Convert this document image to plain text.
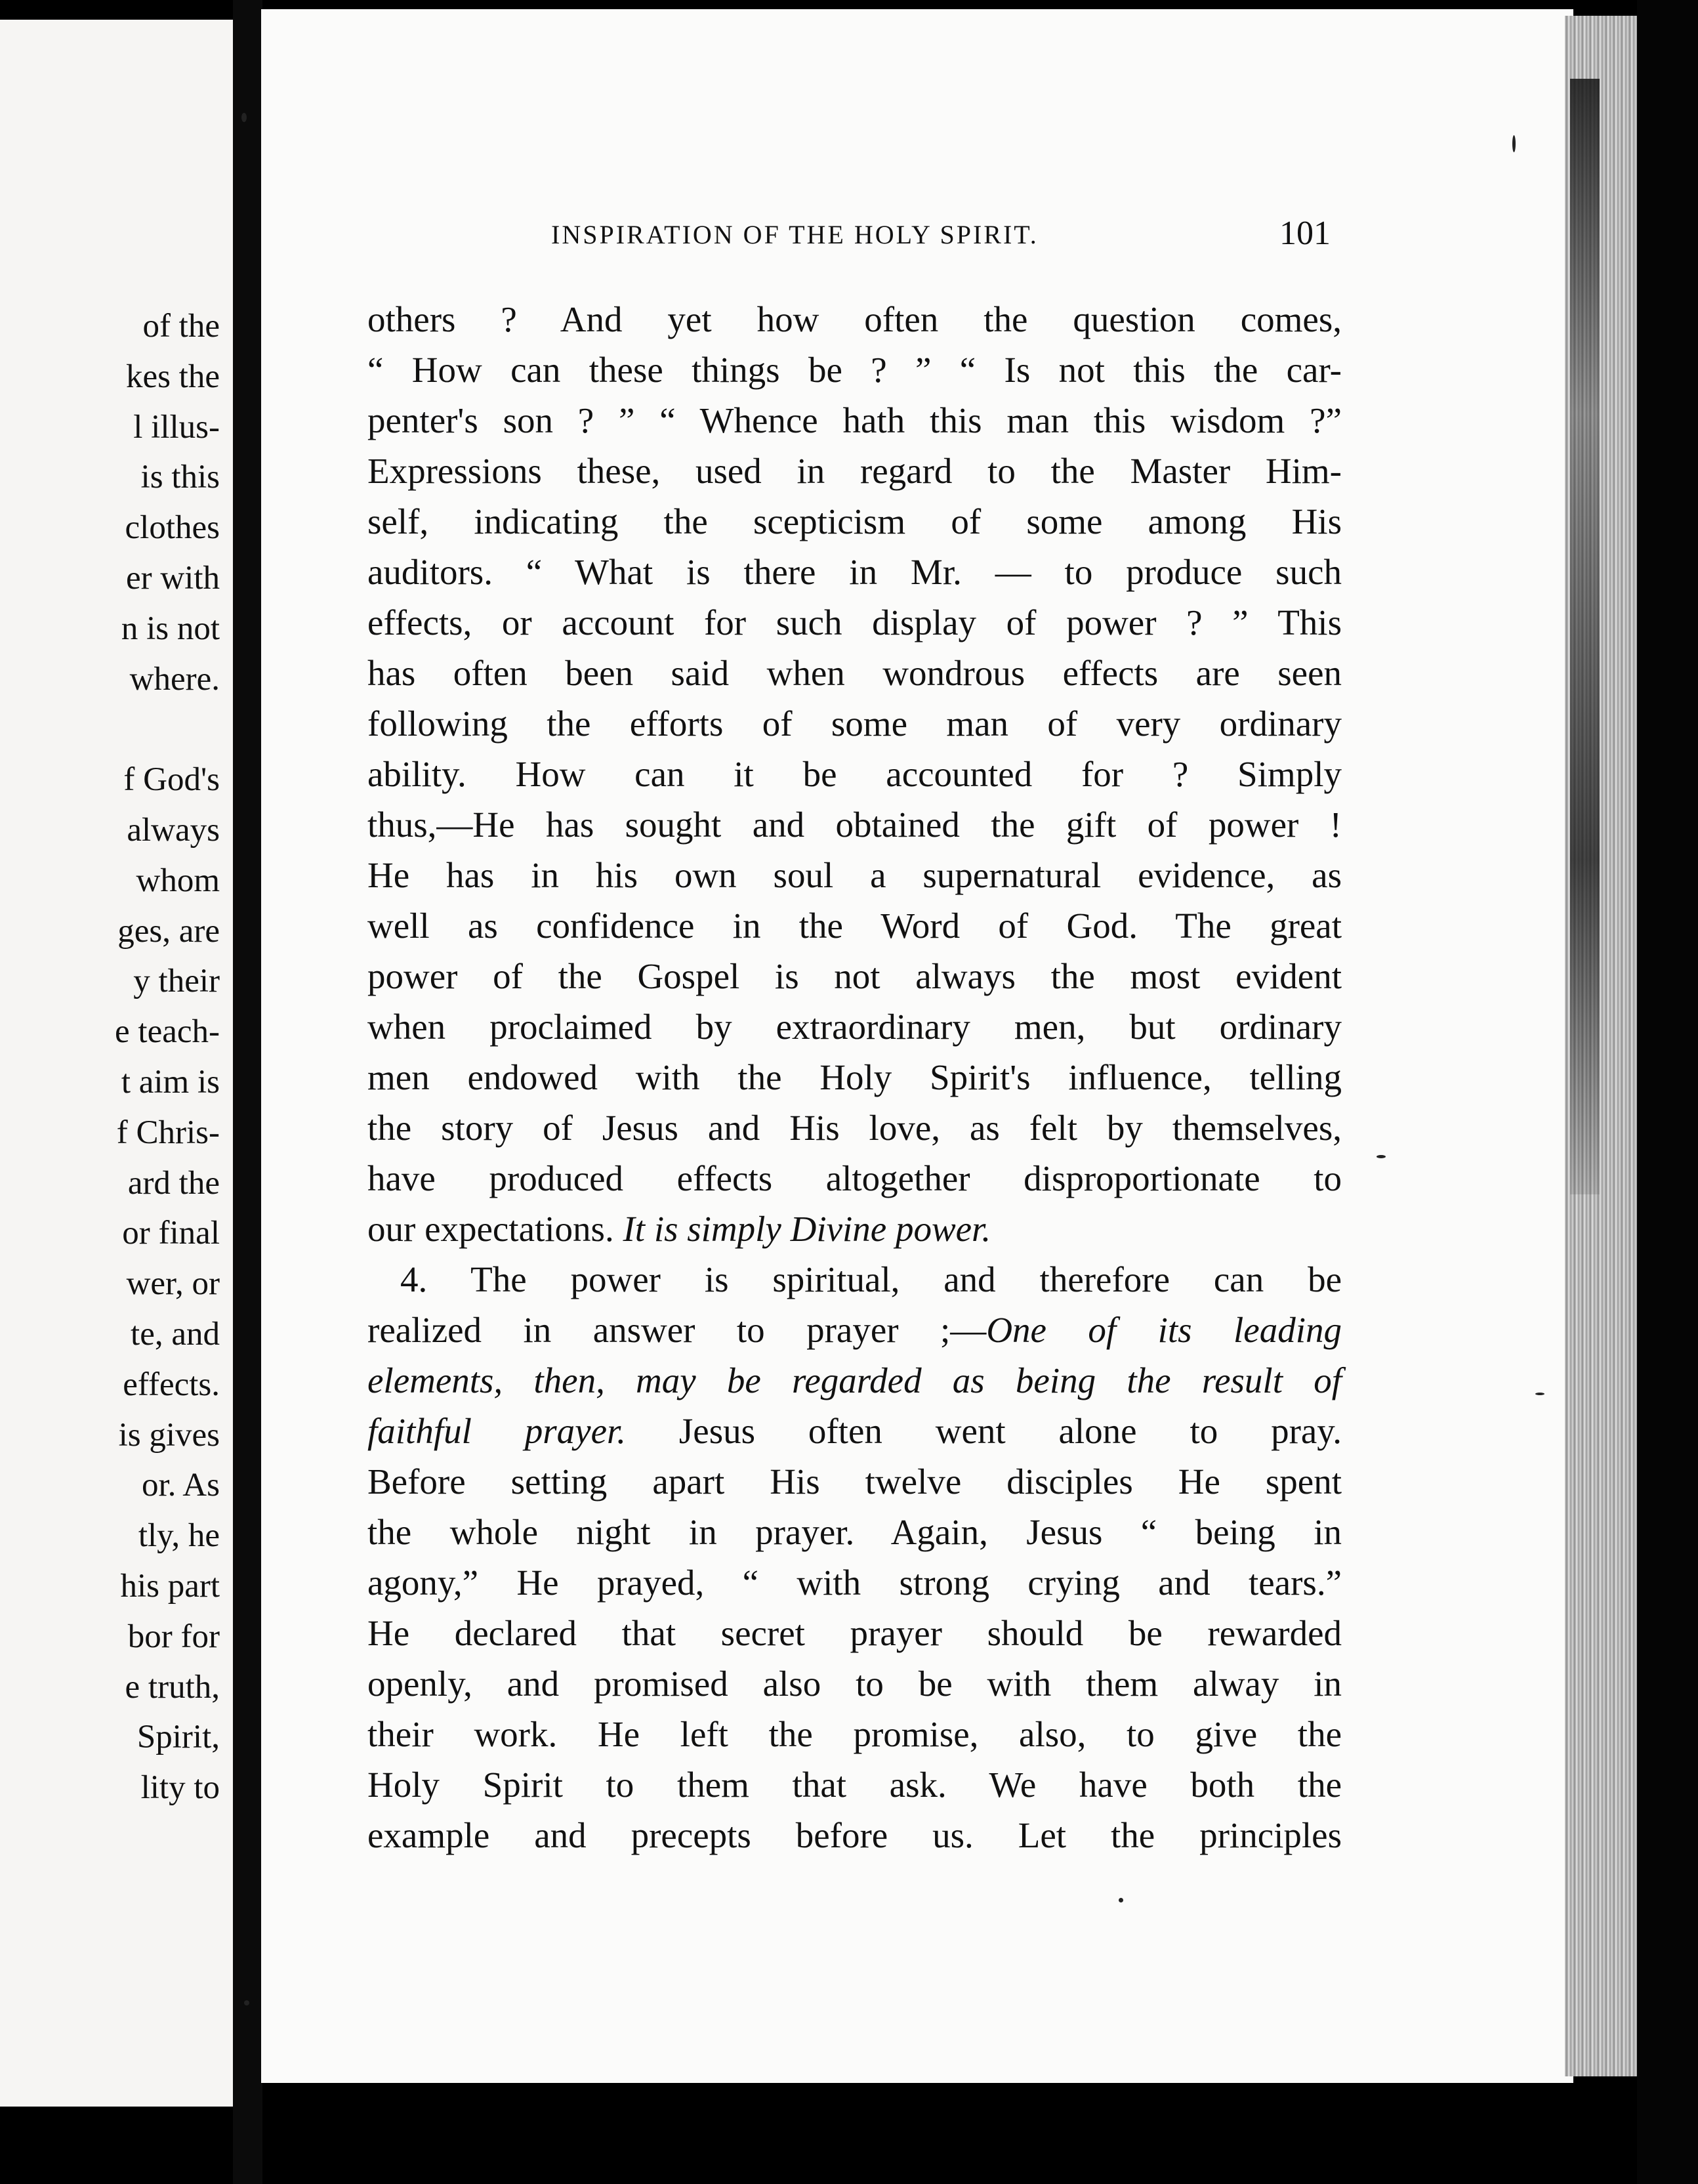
of the
kes the
l illus-
is this
clothes
er with
n is not
where.
f God's
always
whom
ges, are
y their
e teach-
t aim is
f Chris-
ard the
or final
wer, or
te, and
effects.
is gives
or. As
tly, he
his part
bor for
e truth,
Spirit,
lity to
INSPIRATION OF THE HOLY SPIRIT.	101
others ? And yet how often the question comes,
“ How can these things be ? ” “ Is not this the car-
penter's son ? ” “ Whence hath this man this wisdom ?”
Expressions these, used in regard to the Master Him-
self, indicating the scepticism of some among His
auditors. “ What is there in Mr. — to produce such
effects, or account for such display of power ? ” This
has often been said when wondrous effects are seen
following the efforts of some man of very ordinary
ability. How can it be accounted for ? Simply
thus,—He has sought and obtained the gift of power !
He has in his own soul a supernatural evidence, as
well as confidence in the Word of God. The great
power of the Gospel is not always the most evident
when proclaimed by extraordinary men, but ordinary
men endowed with the Holy Spirit's influence, telling
the story of Jesus and His love, as felt by themselves,
have produced effects altogether disproportionate to
our expectations. It is simply Divine power.
4. The power is spiritual, and therefore can be
realized in answer to prayer ;—One of its leading
elements, then, may be regarded as being the result of
faithful prayer. Jesus often went alone to pray.
Before setting apart His twelve disciples He spent
the whole night in prayer. Again, Jesus “ being in
agony,” He prayed, “ with strong crying and tears.”
He declared that secret prayer should be rewarded
openly, and promised also to be with them alway in
their work. He left the promise, also, to give the
Holy Spirit to them that ask. We have both the
example and precepts before us. Let the principles
